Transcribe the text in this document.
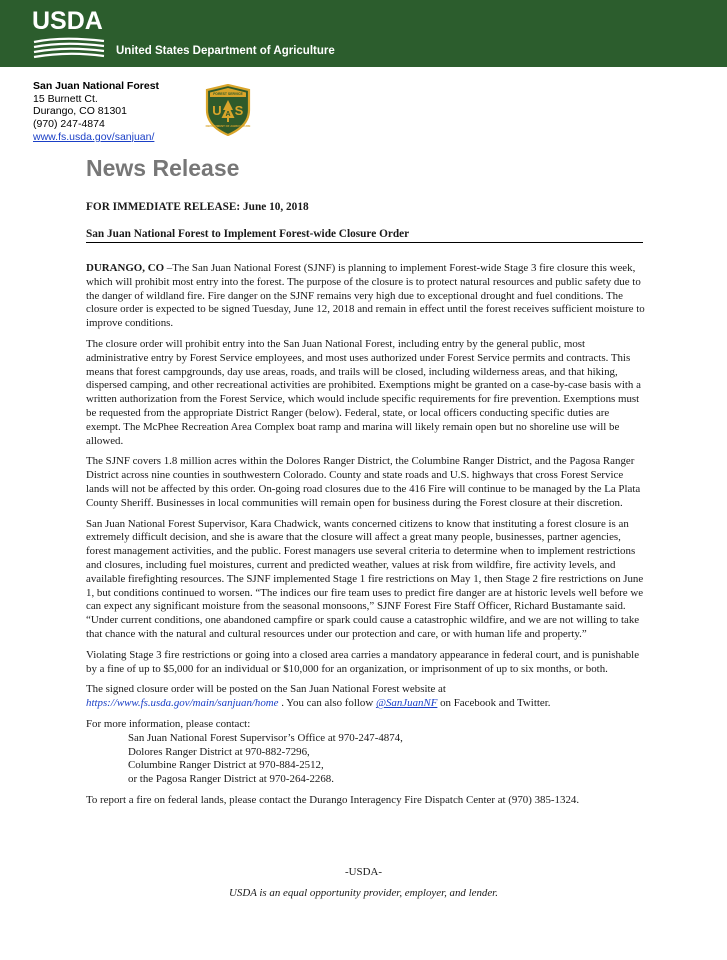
USDA
United States Department of Agriculture
San Juan National Forest
15 Burnett Ct.
Durango, CO 81301
(970) 247-4874
www.fs.usda.gov/sanjuan/
FOREST SERVICE
U S
A
DEPARTMENT OF AGRICULTURE
News Release
FOR IMMEDIATE RELEASE: June 10, 2018
San Juan National Forest to Implement Forest-wide Closure Order

DURANGO, CO –The San Juan National Forest (SJNF) is planning to implement Forest-wide Stage 3 fire closure this week, which will prohibit most entry into the forest. The purpose of the closure is to protect natural resources and public safety due to the danger of wildland fire. Fire danger on the SJNF remains very high due to exceptional drought and fuel conditions. The closure order is expected to be signed Tuesday, June 12, 2018 and remain in effect until the forest receives sufficient moisture to improve conditions.

The closure order will prohibit entry into the San Juan National Forest, including entry by the general public, most administrative entry by Forest Service employees, and most uses authorized under Forest Service permits and contracts. This means that forest campgrounds, day use areas, roads, and trails will be closed, including wilderness areas, and that hiking, dispersed camping, and other recreational activities are prohibited. Exemptions might be granted on a case-by-case basis with a written authorization from the Forest Service, which would include specific requirements for fire prevention. Exemptions must be requested from the appropriate District Ranger (below). Federal, state, or local officers conducting specific duties are exempt. The McPhee Recreation Area Complex boat ramp and marina will likely remain open but no shoreline use will be allowed.

The SJNF covers 1.8 million acres within the Dolores Ranger District, the Columbine Ranger District, and the Pagosa Ranger District across nine counties in southwestern Colorado. County and state roads and U.S. highways that cross Forest Service lands will not be affected by this order. On-going road closures due to the 416 Fire will continue to be managed by the La Plata County Sheriff. Businesses in local communities will remain open for business during the Forest closure at their discretion.

San Juan National Forest Supervisor, Kara Chadwick, wants concerned citizens to know that instituting a forest closure is an extremely difficult decision, and she is aware that the closure will affect a great many people, businesses, partner agencies, forest management activities, and the public. Forest managers use several criteria to determine when to implement restrictions and closures, including fuel moistures, current and predicted weather, values at risk from wildfire, fire activity levels, and available firefighting resources. The SJNF implemented Stage 1 fire restrictions on May 1, then Stage 2 fire restrictions on June 1, but conditions continued to worsen. “The indices our fire team uses to predict fire danger are at historic levels well before we can expect any significant moisture from the seasonal monsoons,” SJNF Forest Fire Staff Officer, Richard Bustamante said. “Under current conditions, one abandoned campfire or spark could cause a catastrophic wildfire, and we are not willing to take that chance with the natural and cultural resources under our protection and care, or with human life and property.”

Violating Stage 3 fire restrictions or going into a closed area carries a mandatory appearance in federal court, and is punishable by a fine of up to $5,000 for an individual or $10,000 for an organization, or imprisonment of up to six months, or both.

The signed closure order will be posted on the San Juan National Forest website at
https://www.fs.usda.gov/main/sanjuan/home . You can also follow @SanJuanNF on Facebook and Twitter.

For more information, please contact:
San Juan National Forest Supervisor’s Office at 970-247-4874,
Dolores Ranger District at 970-882-7296,
Columbine Ranger District at 970-884-2512,
or the Pagosa Ranger District at 970-264-2268.

To report a fire on federal lands, please contact the Durango Interagency Fire Dispatch Center at (970) 385-1324.

-USDA-
USDA is an equal opportunity provider, employer, and lender.
